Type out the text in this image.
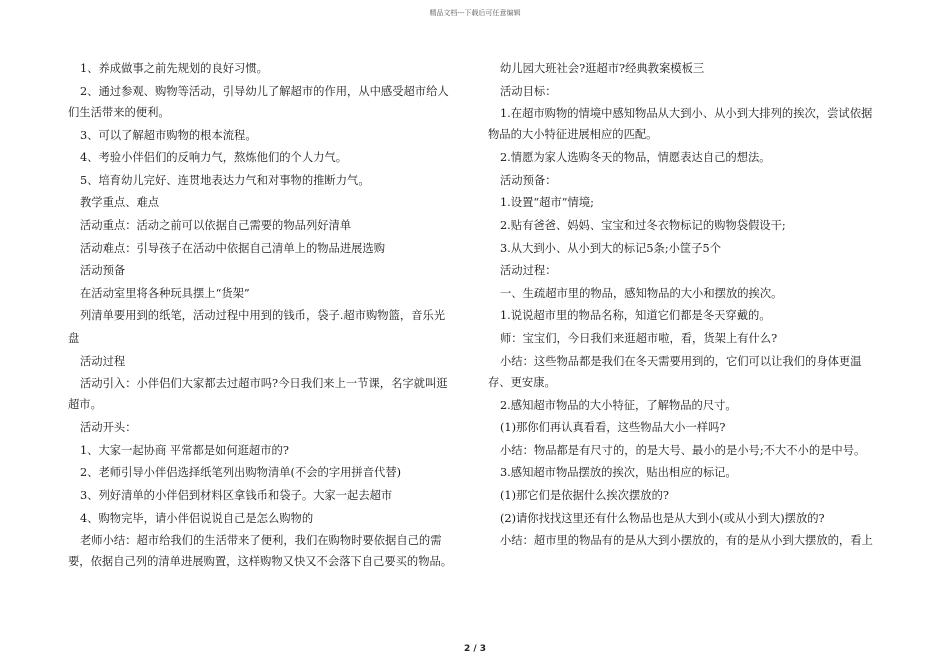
精品文档---下载后可任意编辑

1、养成做事之前先规划的良好习惯。

2、通过参观、购物等活动，引导幼儿了解超市的作用，从中感受超市给人们生活带来的便利。

3、可以了解超市购物的根本流程。

4、考验小伴侣们的反响力气，熬炼他们的个人力气。

5、培育幼儿完好、连贯地表达力气和对事物的推断力气。

教学重点、难点

活动重点：活动之前可以依据自己需要的物品列好清单

活动难点：引导孩子在活动中依据自己清单上的物品进展选购

活动预备

在活动室里将各种玩具摆上“货架”

列清单要用到的纸笔，活动过程中用到的钱币，袋子.超市购物篮，音乐光盘

活动过程

活动引入：小伴侣们大家都去过超市吗?今日我们来上一节课，名字就叫逛超市。

活动开头：

1、大家一起协商 平常都是如何逛超市的?

2、老师引导小伴侣选择纸笔列出购物清单(不会的字用拼音代替)

3、列好清单的小伴侣到材料区拿钱币和袋子。大家一起去超市

4、购物完毕，请小伴侣说说自己是怎么购物的

老师小结：超市给我们的生活带来了便利，我们在购物时要依据自己的需要，依据自己列的清单进展购置，这样购物又快又不会落下自己要买的物品。

幼儿园大班社会?逛超市?经典教案模板三

活动目标：

1.在超市购物的情境中感知物品从大到小、从小到大排列的挨次，尝试依据物品的大小特征进展相应的匹配。

2.情愿为家人选购冬天的物品，情愿表达自己的想法。

活动预备：

1.设置“超市”情境;

2.贴有爸爸、妈妈、宝宝和过冬衣物标记的购物袋假设干;

3.从大到小、从小到大的标记5条;小筐子5个

活动过程：

一、生疏超市里的物品，感知物品的大小和摆放的挨次。

1.说说超市里的物品名称，知道它们都是冬天穿戴的。

师：宝宝们，今日我们来逛超市啦，看，货架上有什么?

小结：这些物品都是我们在冬天需要用到的，它们可以让我们的身体更温存、更安康。

2.感知超市物品的大小特征，了解物品的尺寸。

(1)那你们再认真看看，这些物品大小一样吗?

小结：物品都是有尺寸的，的是大号、最小的是小号;不大不小的是中号。

3.感知超市物品摆放的挨次，贴出相应的标记。

(1)那它们是依据什么挨次摆放的?

(2)请你找找这里还有什么物品也是从大到小(或从小到大)摆放的?

小结：超市里的物品有的是从大到小摆放的，有的是从小到大摆放的，看上

2 / 3
